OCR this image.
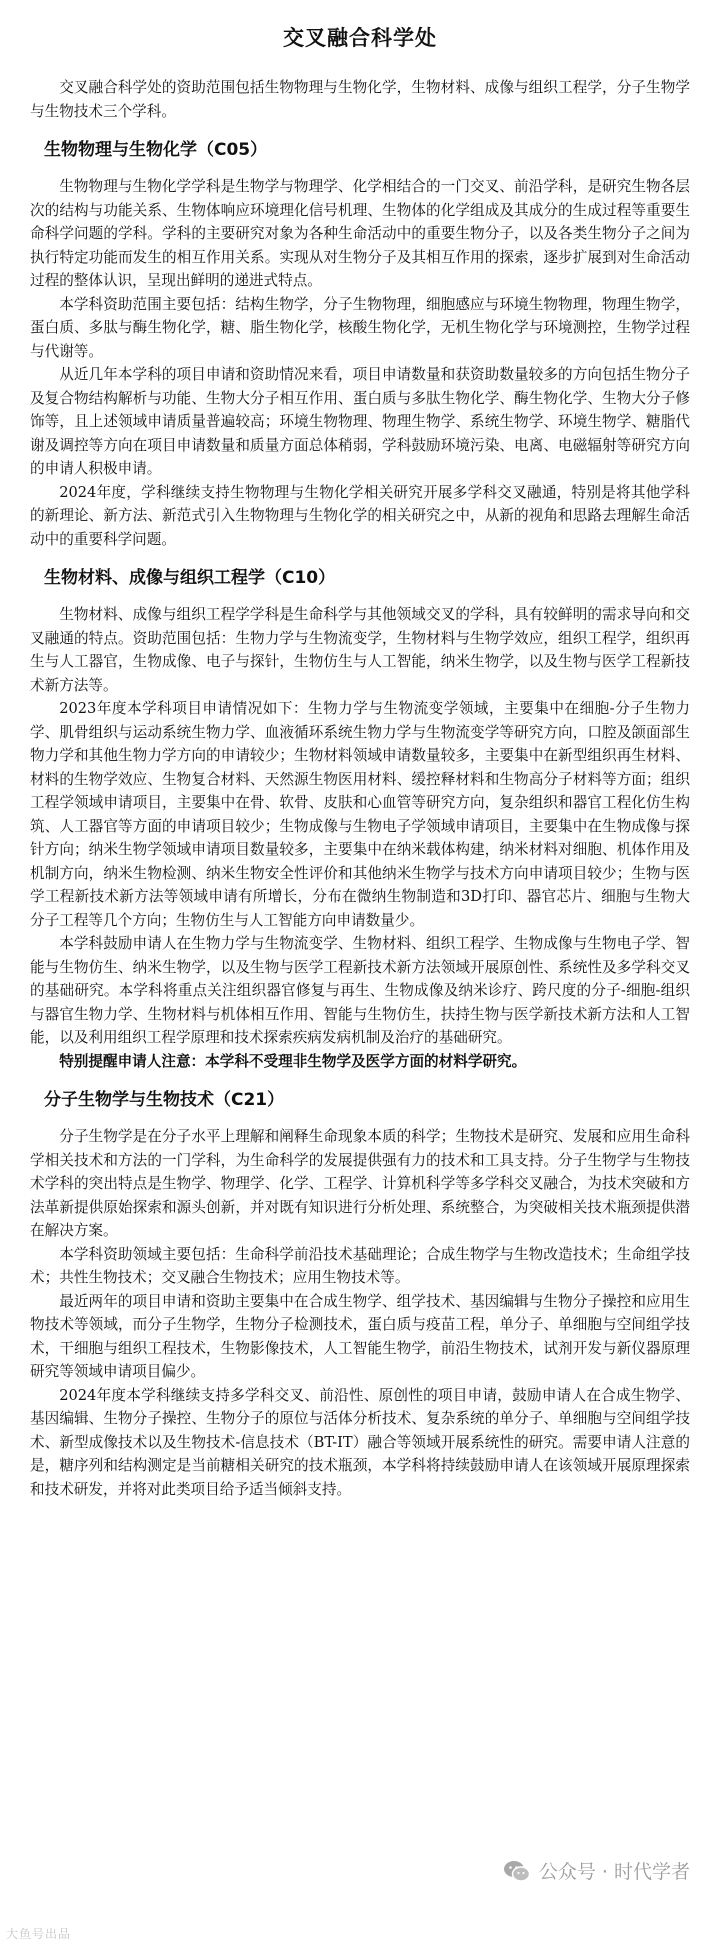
交叉融合科学处

交叉融合科学处的资助范围包括生物物理与生物化学，生物材料、成像与组织工程学，分子生物学与生物技术三个学科。

生物物理与生物化学（C05）

生物物理与生物化学学科是生物学与物理学、化学相结合的一门交叉、前沿学科，是研究生物各层次的结构与功能关系、生物体响应环境理化信号机理、生物体的化学组成及其成分的生成过程等重要生命科学问题的学科。学科的主要研究对象为各种生命活动中的重要生物分子，以及各类生物分子之间为执行特定功能而发生的相互作用关系。实现从对生物分子及其相互作用的探索，逐步扩展到对生命活动过程的整体认识，呈现出鲜明的递进式特点。

本学科资助范围主要包括：结构生物学，分子生物物理，细胞感应与环境生物物理，物理生物学，蛋白质、多肽与酶生物化学，糖、脂生物化学，核酸生物化学，无机生物化学与环境测控，生物学过程与代谢等。

从近几年本学科的项目申请和资助情况来看，项目申请数量和获资助数量较多的方向包括生物分子及复合物结构解析与功能、生物大分子相互作用、蛋白质与多肽生物化学、酶生物化学、生物大分子修饰等，且上述领域申请质量普遍较高；环境生物物理、物理生物学、系统生物学、环境生物学、糖脂代谢及调控等方向在项目申请数量和质量方面总体稍弱，学科鼓励环境污染、电离、电磁辐射等研究方向的申请人积极申请。

2024年度，学科继续支持生物物理与生物化学相关研究开展多学科交叉融通，特别是将其他学科的新理论、新方法、新范式引入生物物理与生物化学的相关研究之中，从新的视角和思路去理解生命活动中的重要科学问题。

生物材料、成像与组织工程学（C10）

生物材料、成像与组织工程学学科是生命科学与其他领域交叉的学科，具有较鲜明的需求导向和交叉融通的特点。资助范围包括：生物力学与生物流变学，生物材料与生物学效应，组织工程学，组织再生与人工器官，生物成像、电子与探针，生物仿生与人工智能，纳米生物学，以及生物与医学工程新技术新方法等。

2023年度本学科项目申请情况如下：生物力学与生物流变学领域，主要集中在细胞-分子生物力学、肌骨组织与运动系统生物力学、血液循环系统生物力学与生物流变学等研究方向，口腔及颌面部生物力学和其他生物力学方向的申请较少；生物材料领域申请数量较多，主要集中在新型组织再生材料、材料的生物学效应、生物复合材料、天然源生物医用材料、缓控释材料和生物高分子材料等方面；组织工程学领域申请项目，主要集中在骨、软骨、皮肤和心血管等研究方向，复杂组织和器官工程化仿生构筑、人工器官等方面的申请项目较少；生物成像与生物电子学领域申请项目，主要集中在生物成像与探针方向；纳米生物学领域申请项目数量较多，主要集中在纳米载体构建，纳米材料对细胞、机体作用及机制方向，纳米生物检测、纳米生物安全性评价和其他纳米生物学与技术方向申请项目较少；生物与医学工程新技术新方法等领域申请有所增长，分布在微纳生物制造和3D打印、器官芯片、细胞与生物大分子工程等几个方向；生物仿生与人工智能方向申请数量少。

本学科鼓励申请人在生物力学与生物流变学、生物材料、组织工程学、生物成像与生物电子学、智能与生物仿生、纳米生物学，以及生物与医学工程新技术新方法领域开展原创性、系统性及多学科交叉的基础研究。本学科将重点关注组织器官修复与再生、生物成像及纳米诊疗、跨尺度的分子-细胞-组织与器官生物力学、生物材料与机体相互作用、智能与生物仿生，扶持生物与医学新技术新方法和人工智能，以及利用组织工程学原理和技术探索疾病发病机制及治疗的基础研究。

特别提醒申请人注意：本学科不受理非生物学及医学方面的材料学研究。
分子生物学与生物技术（C21）

分子生物学是在分子水平上理解和阐释生命现象本质的科学；生物技术是研究、发展和应用生命科学相关技术和方法的一门学科，为生命科学的发展提供强有力的技术和工具支持。分子生物学与生物技术学科的突出特点是生物学、物理学、化学、工程学、计算机科学等多学科交叉融合，为技术突破和方法革新提供原始探索和源头创新，并对既有知识进行分析处理、系统整合，为突破相关技术瓶颈提供潜在解决方案。

本学科资助领域主要包括：生命科学前沿技术基础理论；合成生物学与生物改造技术；生命组学技术；共性生物技术；交叉融合生物技术；应用生物技术等。

最近两年的项目申请和资助主要集中在合成生物学、组学技术、基因编辑与生物分子操控和应用生物技术等领域，而分子生物学，生物分子检测技术，蛋白质与疫苗工程，单分子、单细胞与空间组学技术，干细胞与组织工程技术，生物影像技术，人工智能生物学，前沿生物技术，试剂开发与新仪器原理研究等领域申请项目偏少。

2024年度本学科继续支持多学科交叉、前沿性、原创性的项目申请，鼓励申请人在合成生物学、基因编辑、生物分子操控、生物分子的原位与活体分析技术、复杂系统的单分子、单细胞与空间组学技术、新型成像技术以及生物技术-信息技术（BT-IT）融合等领域开展系统性的研究。需要申请人注意的是，糖序列和结构测定是当前糖相关研究的技术瓶颈，本学科将持续鼓励申请人在该领域开展原理探索和技术研发，并将对此类项目给予适当倾斜支持。

公众号 · 时代学者
大鱼号出品
